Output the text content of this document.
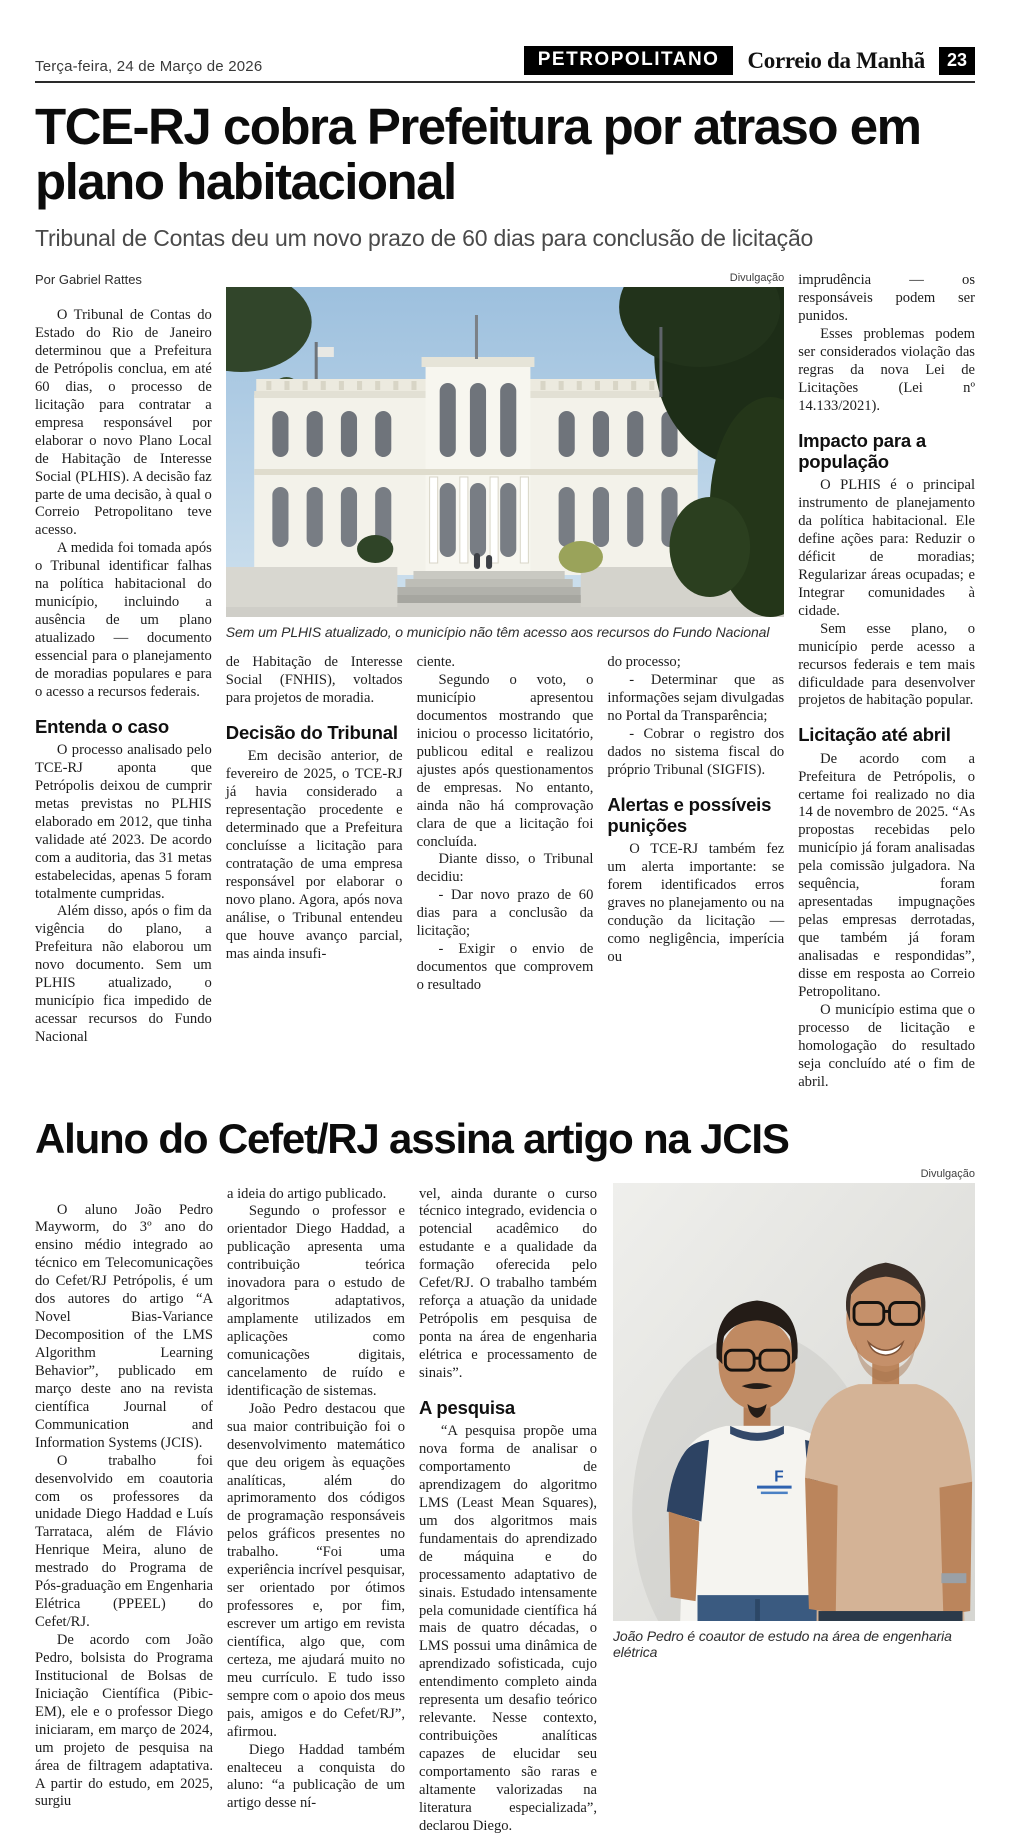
Terça-feira, 24 de Março de 2026	PETROPOLITANO	Correio da Manhã	23
TCE-RJ cobra Prefeitura por atraso em plano habitacional
Tribunal de Contas deu um novo prazo de 60 dias para conclusão de licitação
Por Gabriel Rattes

O Tribunal de Contas do Estado do Rio de Janeiro determinou que a Prefeitura de Petrópolis conclua, em até 60 dias, o processo de licitação para contratar a empresa responsável por elaborar o novo Plano Local de Habitação de Interesse Social (PLHIS). A decisão faz parte de uma decisão, à qual o Correio Petropolitano teve acesso.

A medida foi tomada após o Tribunal identificar falhas na política habitacional do município, incluindo a ausência de um plano atualizado — documento essencial para o planejamento de moradias populares e para o acesso a recursos federais.

Entenda o caso

O processo analisado pelo TCE-RJ aponta que Petrópolis deixou de cumprir metas previstas no PLHIS elaborado em 2012, que tinha validade até 2023. De acordo com a auditoria, das 31 metas estabelecidas, apenas 5 foram totalmente cumpridas.

Além disso, após o fim da vigência do plano, a Prefeitura não elaborou um novo documento. Sem um PLHIS atualizado, o município fica impedido de acessar recursos do Fundo Nacional

Divulgação
Sem um PLHIS atualizado, o município não têm acesso aos recursos do Fundo Nacional

de Habitação de Interesse Social (FNHIS), voltados para projetos de moradia.

Decisão do Tribunal

Em decisão anterior, de fevereiro de 2025, o TCE-RJ já havia considerado a representação procedente e determinado que a Prefeitura concluísse a licitação para contratação de uma empresa responsável por elaborar o novo plano. Agora, após nova análise, o Tribunal entendeu que houve avanço parcial, mas ainda insufi-

ciente.

Segundo o voto, o município apresentou documentos mostrando que iniciou o processo licitatório, publicou edital e realizou ajustes após questionamentos de empresas. No entanto, ainda não há comprovação clara de que a licitação foi concluída.

Diante disso, o Tribunal decidiu:

- Dar novo prazo de 60 dias para a conclusão da licitação;

- Exigir o envio de documentos que comprovem o resultado

do processo;

- Determinar que as informações sejam divulgadas no Portal da Transparência;

- Cobrar o registro dos dados no sistema fiscal do próprio Tribunal (SIGFIS).

Alertas e possíveis punições

O TCE-RJ também fez um alerta importante: se forem identificados erros graves no planejamento ou na condução da licitação — como negligência, imperícia ou

imprudência — os responsáveis podem ser punidos.

Esses problemas podem ser considerados violação das regras da nova Lei de Licitações (Lei nº 14.133/2021).

Impacto para a população

O PLHIS é o principal instrumento de planejamento da política habitacional. Ele define ações para: Reduzir o déficit de moradias; Regularizar áreas ocupadas; e Integrar comunidades à cidade.

Sem esse plano, o município perde acesso a recursos federais e tem mais dificuldade para desenvolver projetos de habitação popular.

Licitação até abril

De acordo com a Prefeitura de Petrópolis, o certame foi realizado no dia 14 de novembro de 2025. “As propostas recebidas pelo município já foram analisadas pela comissão julgadora. Na sequência, foram apresentadas impugnações pelas empresas derrotadas, que também já foram analisadas e respondidas”, disse em resposta ao Correio Petropolitano.

O município estima que o processo de licitação e homologação do resultado seja concluído até o fim de abril.

Aluno do Cefet/RJ assina artigo na JCIS

O aluno João Pedro Mayworm, do 3º ano do ensino médio integrado ao técnico em Telecomunicações do Cefet/RJ Petrópolis, é um dos autores do artigo “A Novel Bias-Variance Decomposition of the LMS Algorithm Learning Behavior”, publicado em março deste ano na revista científica Journal of Communication and Information Systems (JCIS).

O trabalho foi desenvolvido em coautoria com os professores da unidade Diego Haddad e Luís Tarrataca, além de Flávio Henrique Meira, aluno de mestrado do Programa de Pós-graduação em Engenharia Elétrica (PPEEL) do Cefet/RJ.

De acordo com João Pedro, bolsista do Programa Institucional de Bolsas de Iniciação Científica (Pibic-EM), ele e o professor Diego iniciaram, em março de 2024, um projeto de pesquisa na área de filtragem adaptativa. A partir do estudo, em 2025, surgiu

a ideia do artigo publicado.

Segundo o professor e orientador Diego Haddad, a publicação apresenta uma contribuição teórica inovadora para o estudo de algoritmos adaptativos, amplamente utilizados em aplicações como comunicações digitais, cancelamento de ruído e identificação de sistemas.

João Pedro destacou que sua maior contribuição foi o desenvolvimento matemático que deu origem às equações analíticas, além do aprimoramento dos códigos de programação responsáveis pelos gráficos presentes no trabalho. “Foi uma experiência incrível pesquisar, ser orientado por ótimos professores e, por fim, escrever um artigo em revista científica, algo que, com certeza, me ajudará muito no meu currículo. E tudo isso sempre com o apoio dos meus pais, amigos e do Cefet/RJ”, afirmou.

Diego Haddad também enalteceu a conquista do aluno: “a publicação de um artigo desse ní-

vel, ainda durante o curso técnico integrado, evidencia o potencial acadêmico do estudante e a qualidade da formação oferecida pelo Cefet/RJ. O trabalho também reforça a atuação da unidade Petrópolis em pesquisa de ponta na área de engenharia elétrica e processamento de sinais”.

A pesquisa

“A pesquisa propõe uma nova forma de analisar o comportamento de aprendizagem do algoritmo LMS (Least Mean Squares), um dos algoritmos mais fundamentais do aprendizado de máquina e do processamento adaptativo de sinais. Estudado intensamente pela comunidade científica há mais de quatro décadas, o LMS possui uma dinâmica de aprendizado sofisticada, cujo entendimento completo ainda representa um desafio teórico relevante. Nesse contexto, contribuições analíticas capazes de elucidar seu comportamento são raras e altamente valorizadas na literatura especializada”, declarou Diego.

Divulgação
F
João Pedro é coautor de estudo na área de engenharia elétrica
